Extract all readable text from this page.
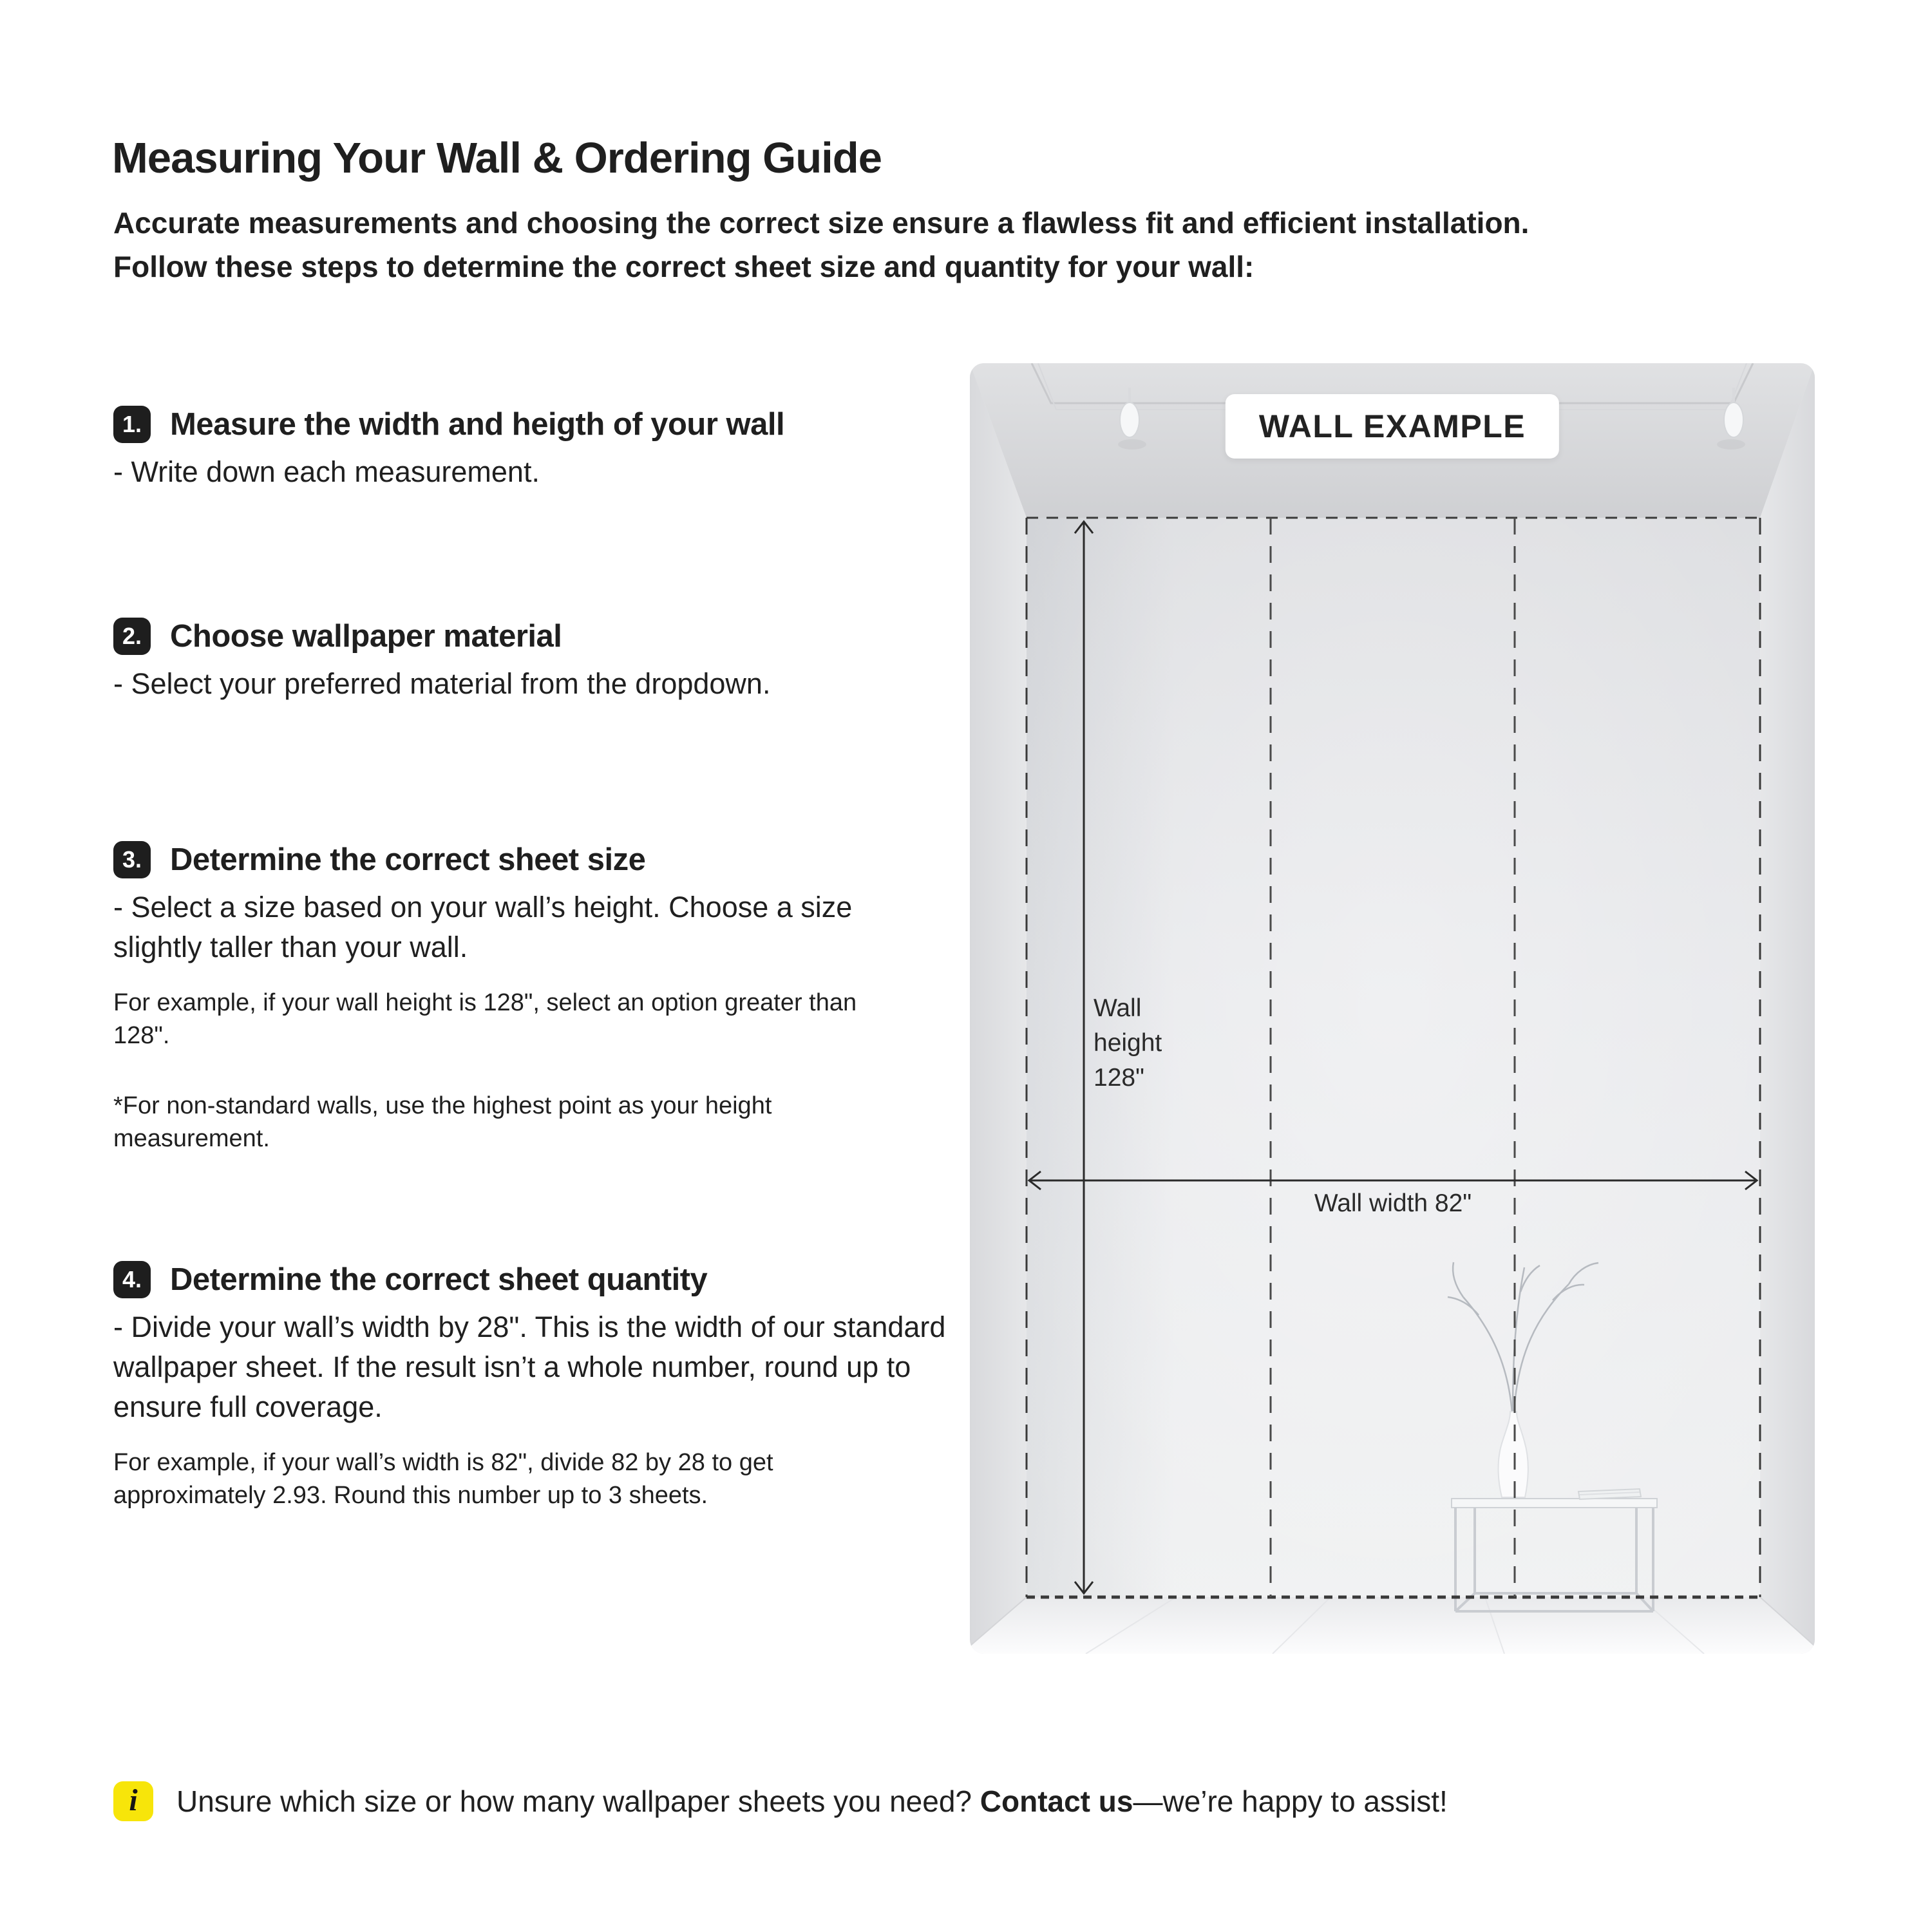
Measuring Your Wall & Ordering Guide
Accurate measurements and choosing the correct size ensure a flawless fit and efficient installation.
Follow these steps to determine the correct sheet size and quantity for your wall:
1. Measure the width and heigth of your wall
- Write down each measurement.
2. Choose wallpaper material
- Select your preferred material from the dropdown.
3. Determine the correct sheet size
- Select a size based on your wall’s height. Choose a size slightly taller than your wall.
For example, if your wall height is 128", select an option greater than 128".
*For non-standard walls, use the highest point as your height measurement.
4. Determine the correct sheet quantity
- Divide your wall’s width by 28". This is the width of our standard wallpaper sheet. If the result isn’t a whole number, round up to ensure full coverage.
For example, if your wall’s width is 82", divide 82 by 28 to get approximately 2.93. Round this number up to 3 sheets.
WALL EXAMPLE
Wall height 128"
Wall width 82"
i	Unsure which size or how many wallpaper sheets you need? Contact us—we’re happy to assist!
